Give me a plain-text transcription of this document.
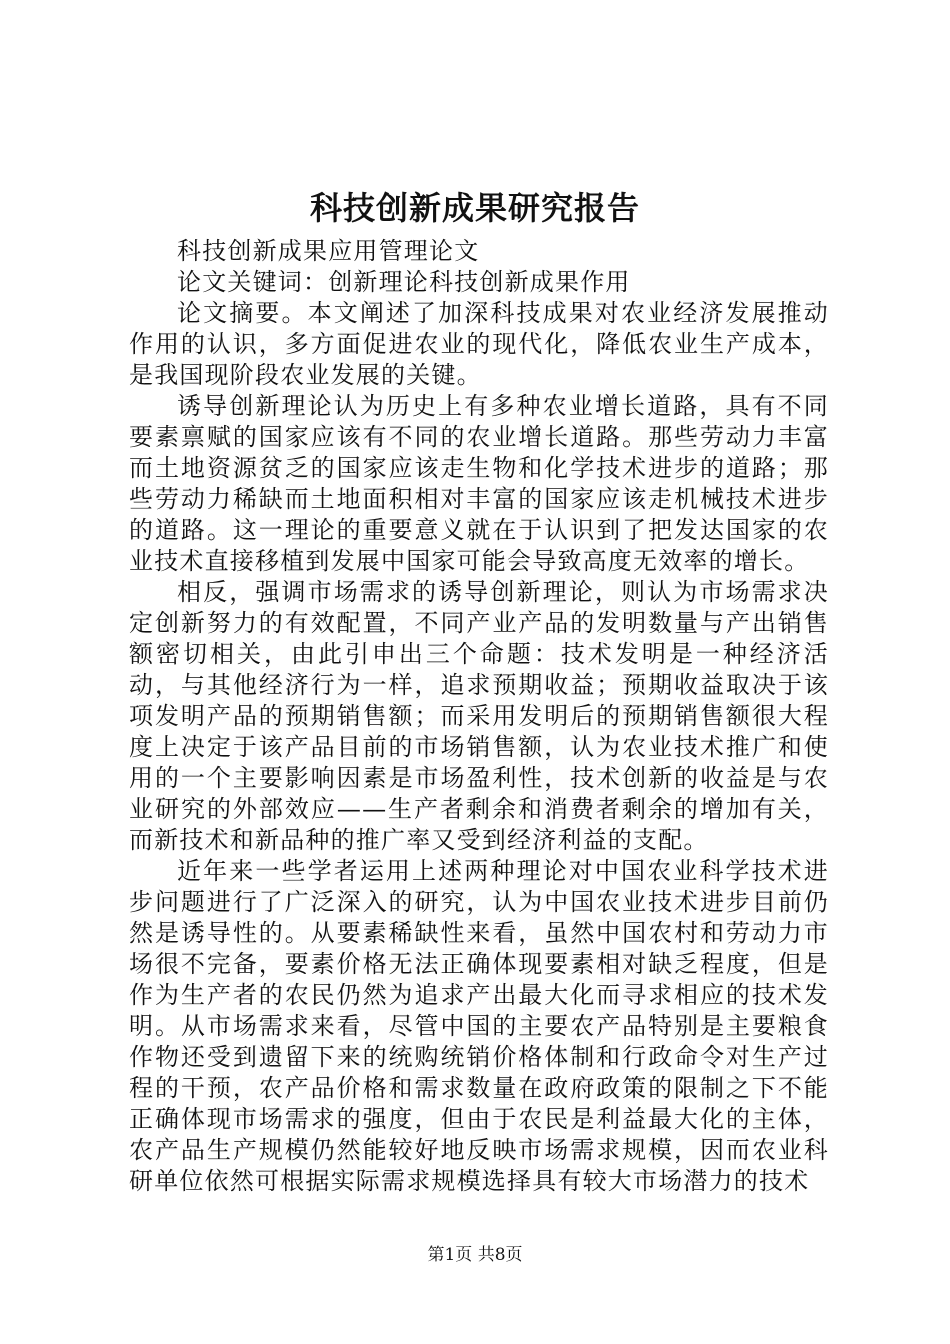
科技创新成果研究报告

科技创新成果应用管理论文

论文关键词：创新理论科技创新成果作用

论文摘要。本文阐述了加深科技成果对农业经济发展推动作用的认识，多方面促进农业的现代化，降低农业生产成本，是我国现阶段农业发展的关键。

诱导创新理论认为历史上有多种农业增长道路，具有不同要素禀赋的国家应该有不同的农业增长道路。那些劳动力丰富而土地资源贫乏的国家应该走生物和化学技术进步的道路；那些劳动力稀缺而土地面积相对丰富的国家应该走机械技术进步的道路。这一理论的重要意义就在于认识到了把发达国家的农业技术直接移植到发展中国家可能会导致高度无效率的增长。

相反，强调市场需求的诱导创新理论，则认为市场需求决定创新努力的有效配置，不同产业产品的发明数量与产出销售额密切相关，由此引申出三个命题：技术发明是一种经济活动，与其他经济行为一样，追求预期收益；预期收益取决于该项发明产品的预期销售额；而采用发明后的预期销售额很大程度上决定于该产品目前的市场销售额，认为农业技术推广和使用的一个主要影响因素是市场盈利性，技术创新的收益是与农业研究的外部效应——生产者剩余和消费者剩余的增加有关，而新技术和新品种的推广率又受到经济利益的支配。

近年来一些学者运用上述两种理论对中国农业科学技术进步问题进行了广泛深入的研究，认为中国农业技术进步目前仍然是诱导性的。从要素稀缺性来看，虽然中国农村和劳动力市场很不完备，要素价格无法正确体现要素相对缺乏程度，但是作为生产者的农民仍然为追求产出最大化而寻求相应的技术发明。从市场需求来看，尽管中国的主要农产品特别是主要粮食作物还受到遗留下来的统购统销价格体制和行政命令对生产过程的干预，农产品价格和需求数量在政府政策的限制之下不能正确体现市场需求的强度，但由于农民是利益最大化的主体，农产品生产规模仍然能较好地反映市场需求规模，因而农业科研单位依然可根据实际需求规模选择具有较大市场潜力的技术

第1页 共8页
